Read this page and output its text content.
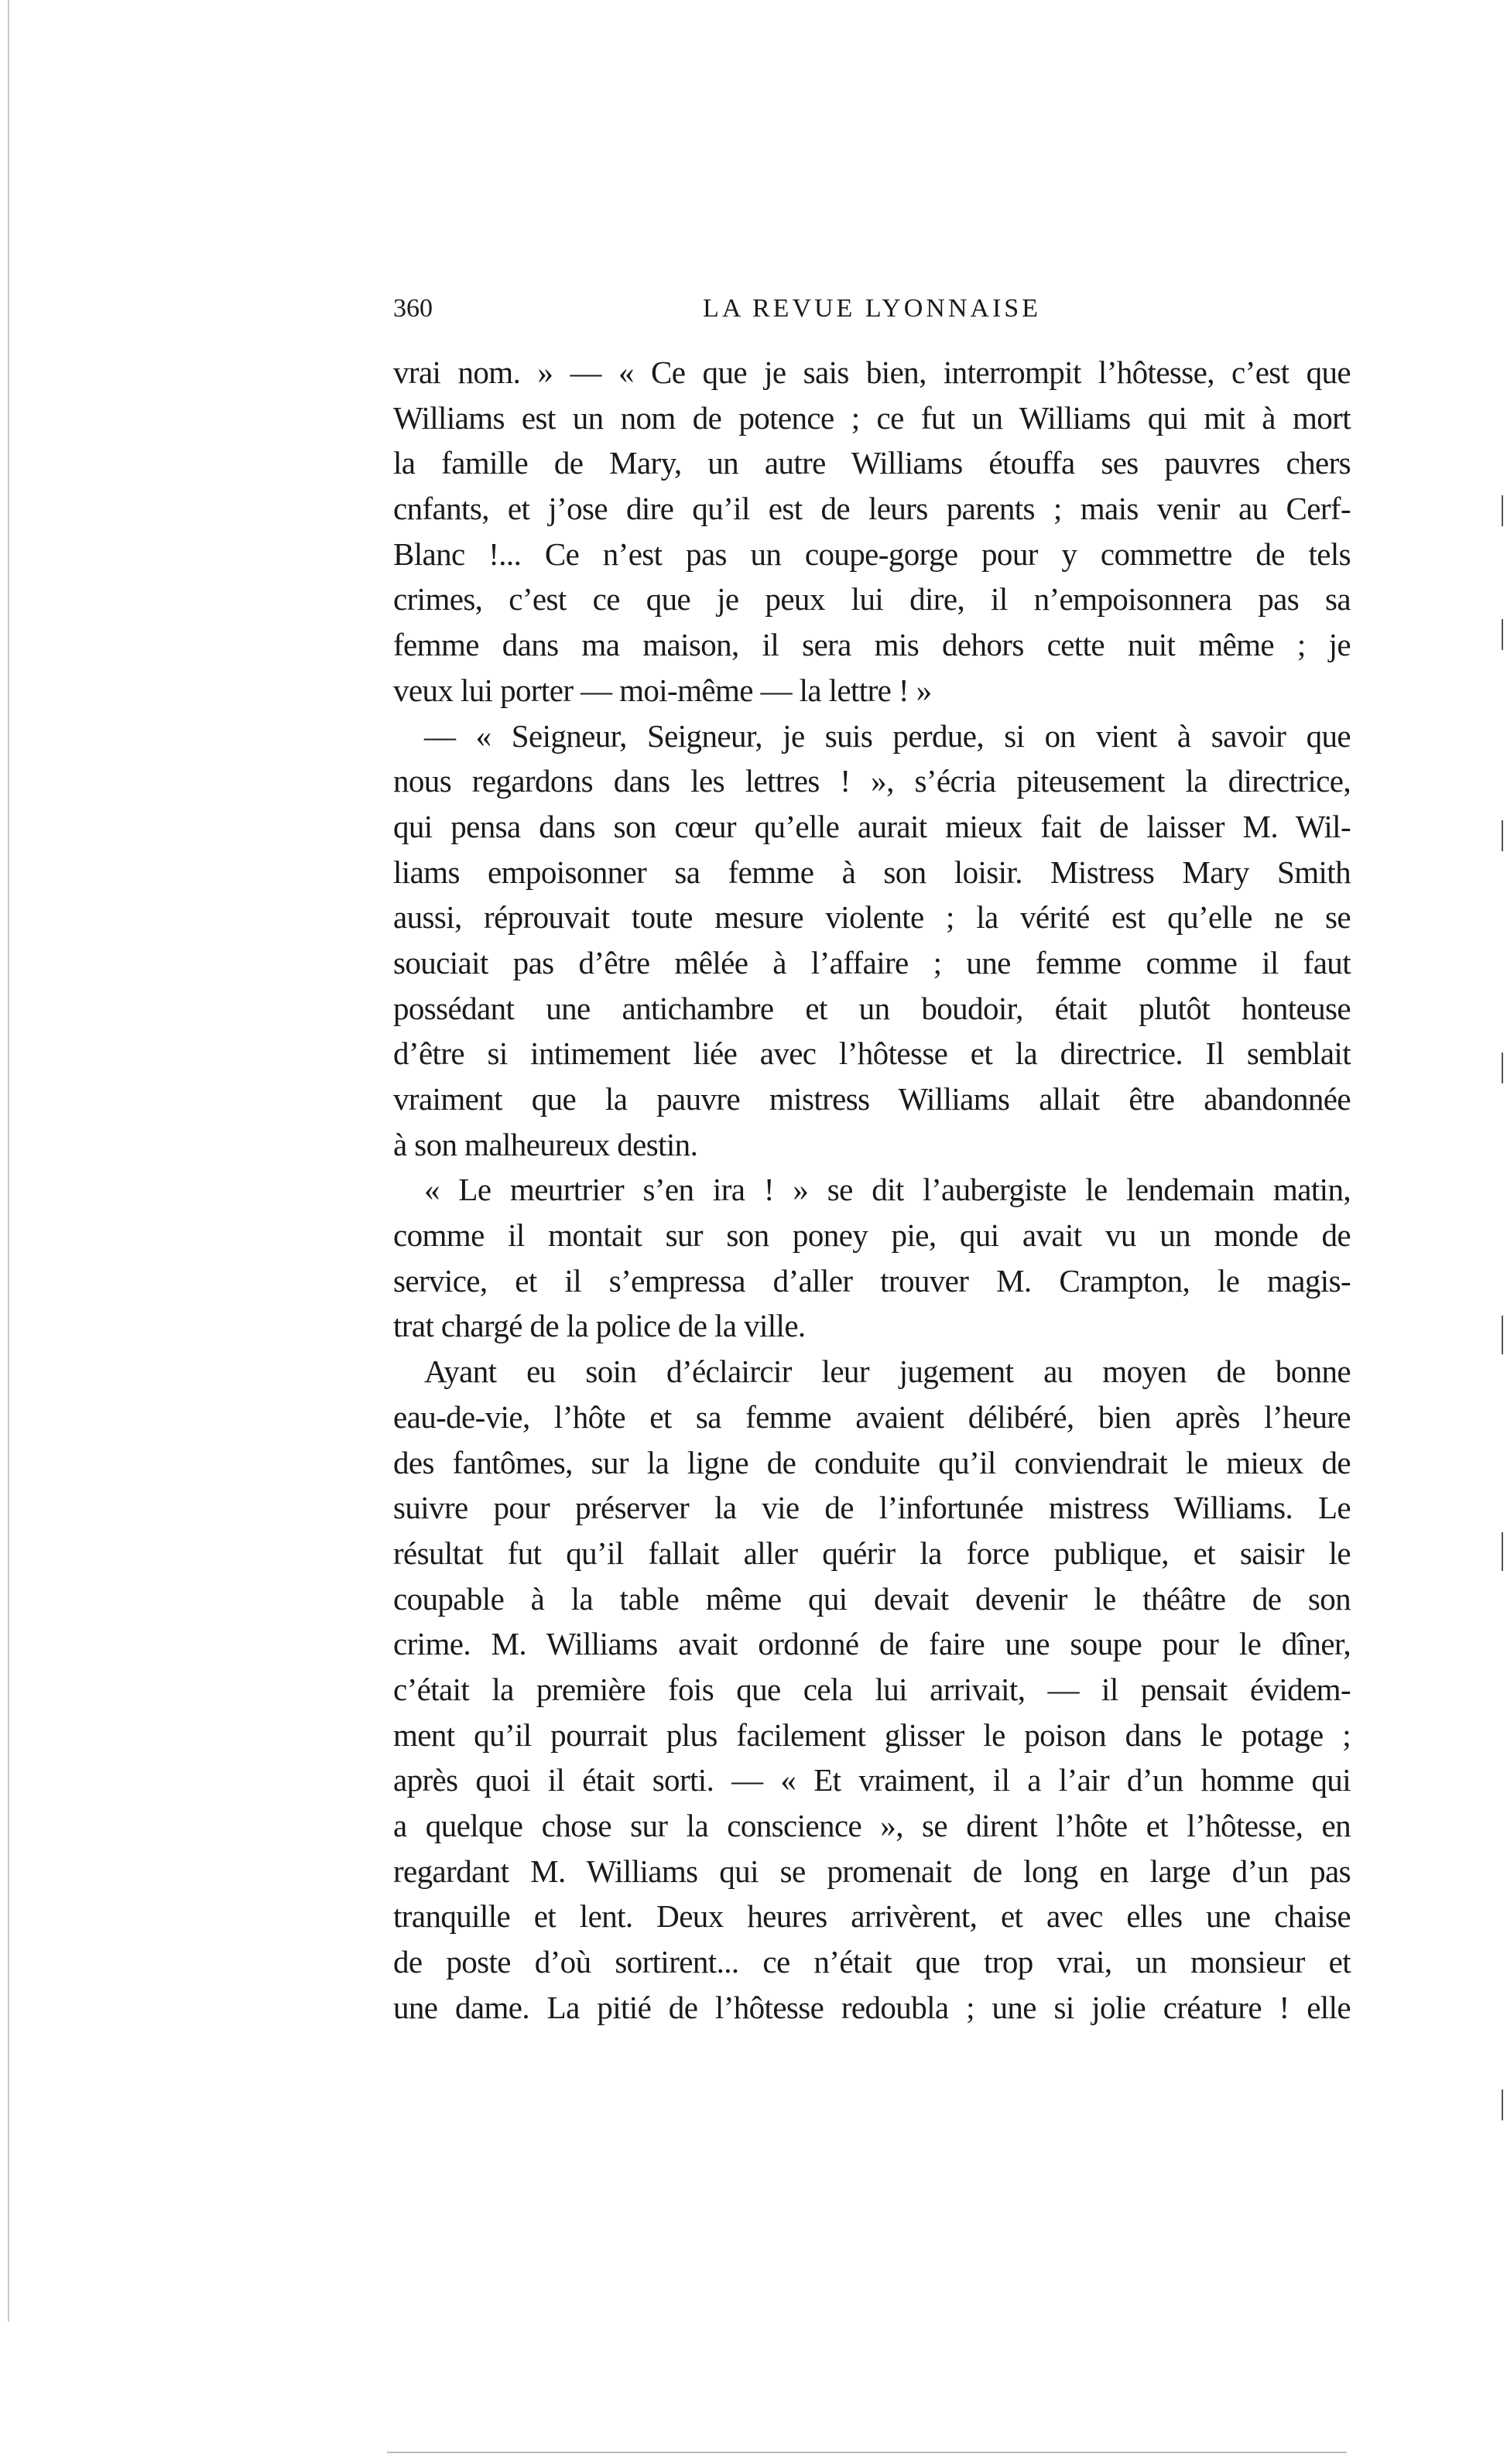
360	LA REVUE LYONNAISE
vrai nom. » — « Ce que je sais bien, interrompit l’hôtesse, c’est que
Williams est un nom de potence ; ce fut un Williams qui mit à mort
la famille de Mary, un autre Williams étouffa ses pauvres chers
cnfants, et j’ose dire qu’il est de leurs parents ; mais venir au Cerf-
Blanc !... Ce n’est pas un coupe-gorge pour y commettre de tels
crimes, c’est ce que je peux lui dire, il n’empoisonnera pas sa
femme dans ma maison, il sera mis dehors cette nuit même ; je
veux lui porter — moi-même — la lettre ! »
— « Seigneur, Seigneur, je suis perdue, si on vient à savoir que
nous regardons dans les lettres ! », s’écria piteusement la directrice,
qui pensa dans son cœur qu’elle aurait mieux fait de laisser M. Wil-
liams empoisonner sa femme à son loisir. Mistress Mary Smith
aussi, réprouvait toute mesure violente ; la vérité est qu’elle ne se
souciait pas d’être mêlée à l’affaire ; une femme comme il faut
possédant une antichambre et un boudoir, était plutôt honteuse
d’être si intimement liée avec l’hôtesse et la directrice. Il semblait
vraiment que la pauvre mistress Williams allait être abandonnée
à son malheureux destin.
« Le meurtrier s’en ira ! » se dit l’aubergiste le lendemain matin,
comme il montait sur son poney pie, qui avait vu un monde de
service, et il s’empressa d’aller trouver M. Crampton, le magis-
trat chargé de la police de la ville.
Ayant eu soin d’éclaircir leur jugement au moyen de bonne
eau-de-vie, l’hôte et sa femme avaient délibéré, bien après l’heure
des fantômes, sur la ligne de conduite qu’il conviendrait le mieux de
suivre pour préserver la vie de l’infortunée mistress Williams. Le
résultat fut qu’il fallait aller quérir la force publique, et saisir le
coupable à la table même qui devait devenir le théâtre de son
crime. M. Williams avait ordonné de faire une soupe pour le dîner,
c’était la première fois que cela lui arrivait, — il pensait évidem-
ment qu’il pourrait plus facilement glisser le poison dans le potage ;
après quoi il était sorti. — « Et vraiment, il a l’air d’un homme qui
a quelque chose sur la conscience », se dirent l’hôte et l’hôtesse, en
regardant M. Williams qui se promenait de long en large d’un pas
tranquille et lent. Deux heures arrivèrent, et avec elles une chaise
de poste d’où sortirent... ce n’était que trop vrai, un monsieur et
une dame. La pitié de l’hôtesse redoubla ; une si jolie créature ! elle
